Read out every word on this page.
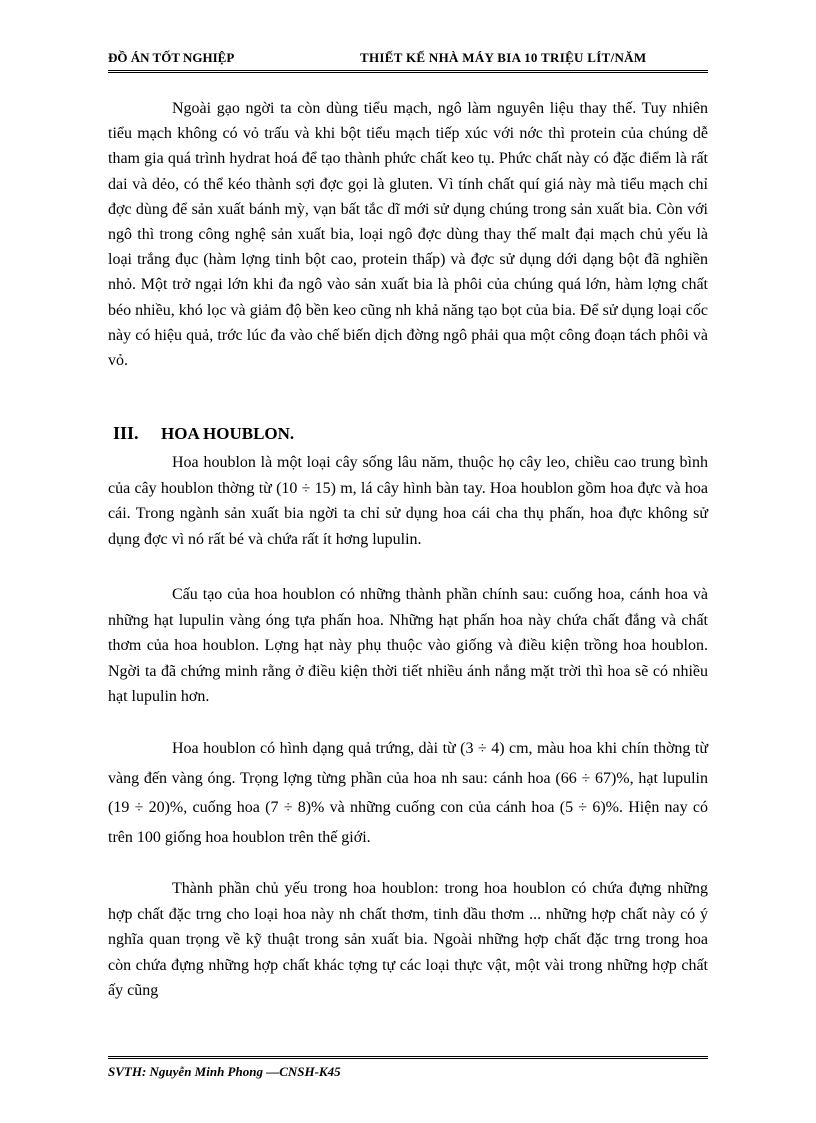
ĐỒ ÁN TỐT NGHIỆP	THIẾT KẾ NHÀ MÁY BIA 10 TRIỆU LÍT/NĂM

Ngoài gạo ngời ta còn dùng tiểu mạch, ngô làm nguyên liệu thay thế. Tuy nhiên tiểu mạch không có vỏ trấu và khi bột tiểu mạch tiếp xúc với nớc thì protein của chúng dễ tham gia quá trình hydrat hoá để tạo thành phức chất keo tụ. Phức chất này có đặc điểm là rất dai và dẻo, có thể kéo thành sợi đợc gọi là gluten. Vì tính chất quí giá này mà tiểu mạch chỉ đợc dùng để sản xuất bánh mỳ, vạn bất tắc dĩ mới sử dụng chúng trong sản xuất bia. Còn với ngô thì trong công nghệ sản xuất bia, loại ngô đợc dùng thay thế malt đại mạch chủ yếu là loại trắng đục (hàm lợng tinh bột cao, protein thấp) và đợc sử dụng dới dạng bột đã nghiền nhỏ. Một trở ngại lớn khi đa ngô vào sản xuất bia là phôi của chúng quá lớn, hàm lợng chất béo nhiều, khó lọc và giảm độ bền keo cũng nh khả năng tạo bọt của bia. Để sử dụng loại cốc này có hiệu quả, trớc lúc đa vào chế biến dịch đờng ngô phải qua một công đoạn tách phôi và vỏ.

III. HOA HOUBLON.

Hoa houblon là một loại cây sống lâu năm, thuộc họ cây leo, chiều cao trung bình của cây houblon thờng từ (10 ÷ 15) m, lá cây hình bàn tay. Hoa houblon gồm hoa đực và hoa cái. Trong ngành sản xuất bia ngời ta chỉ sử dụng hoa cái cha thụ phấn, hoa đực không sử dụng đợc vì nó rất bé và chứa rất ít hơng lupulin.

Cấu tạo của hoa houblon có những thành phần chính sau: cuống hoa, cánh hoa và những hạt lupulin vàng óng tựa phấn hoa. Những hạt phấn hoa này chứa chất đắng và chất thơm của hoa houblon. Lợng hạt này phụ thuộc vào giống và điều kiện trồng hoa houblon. Ngời ta đã chứng minh rằng ở điều kiện thời tiết nhiều ánh nắng mặt trời thì hoa sẽ có nhiều hạt lupulin hơn.

Hoa houblon có hình dạng quả trứng, dài từ (3 ÷ 4) cm, màu hoa khi chín thờng từ vàng đến vàng óng. Trọng lợng từng phần của hoa nh sau: cánh hoa (66 ÷ 67)%, hạt lupulin (19 ÷ 20)%, cuống hoa (7 ÷ 8)% và những cuống con của cánh hoa (5 ÷ 6)%. Hiện nay có trên 100 giống hoa houblon trên thế giới.

Thành phần chủ yếu trong hoa houblon: trong hoa houblon có chứa đựng những hợp chất đặc trng cho loại hoa này nh chất thơm, tinh dầu thơm ... những hợp chất này có ý nghĩa quan trọng về kỹ thuật trong sản xuất bia. Ngoài những hợp chất đặc trng trong hoa còn chứa đựng những hợp chất khác tợng tự các loại thực vật, một vài trong những hợp chất ấy cũng

SVTH: Nguyễn Minh Phong —CNSH-K45
